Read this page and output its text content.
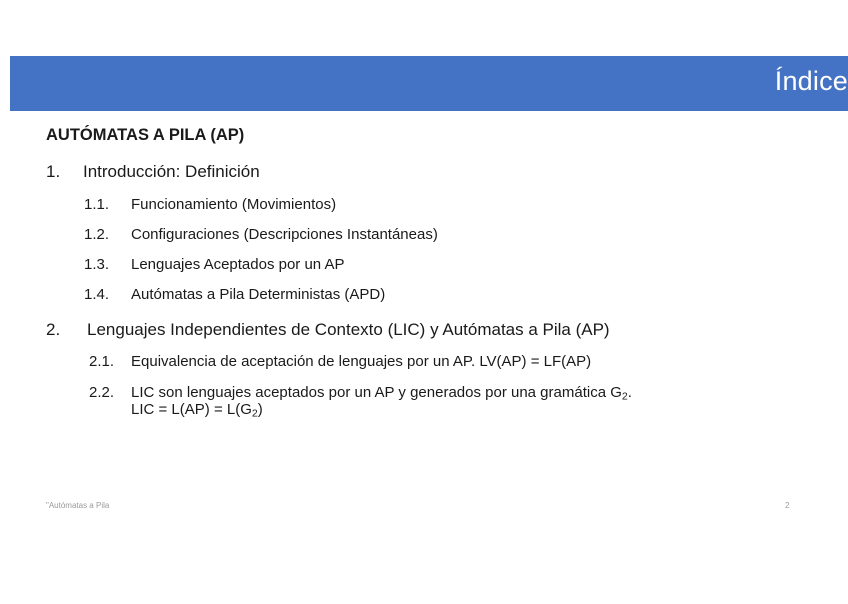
Índice
AUTÓMATAS A PILA (AP)
1. Introducción: Definición
1.1. Funcionamiento (Movimientos)
1.2. Configuraciones (Descripciones Instantáneas)
1.3. Lenguajes Aceptados por un AP
1.4. Autómatas a Pila Deterministas (APD)
2. Lenguajes Independientes de Contexto (LIC) y Autómatas a Pila (AP)
2.1. Equivalencia de aceptación de lenguajes por un AP. LV(AP) = LF(AP)
2.2. LIC son lenguajes aceptados por un AP y generados por una gramática $G_2$.
LIC = $L(AP) = L(G_2)$
"Autómatas a Pila	2
